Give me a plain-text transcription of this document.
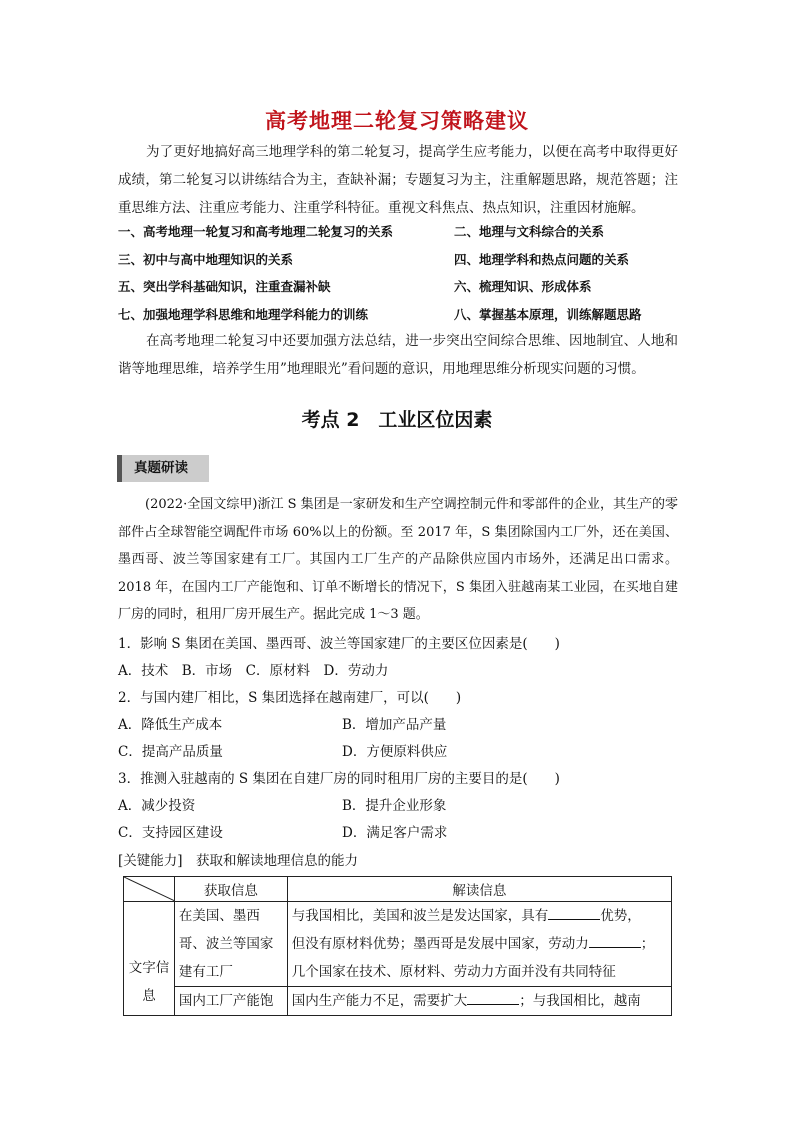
高考地理二轮复习策略建议
为了更好地搞好高三地理学科的第二轮复习，提高学生应考能力，以便在高考中取得更好成绩，第二轮复习以讲练结合为主，查缺补漏；专题复习为主，注重解题思路，规范答题；注重思维方法、注重应考能力、注重学科特征。重视文科焦点、热点知识，注重因材施解。
一、高考地理一轮复习和高考地理二轮复习的关系	二、地理与文科综合的关系
三、初中与高中地理知识的关系	四、地理学科和热点问题的关系
五、突出学科基础知识，注重查漏补缺	六、梳理知识、形成体系
七、加强地理学科思维和地理学科能力的训练	八、掌握基本原理，训练解题思路
在高考地理二轮复习中还要加强方法总结，进一步突出空间综合思维、因地制宜、人地和谐等地理思维，培养学生用”地理眼光”看问题的意识，用地理思维分析现实问题的习惯。
考点 2　工业区位因素
真题研读
(2022·全国文综甲)浙江 S 集团是一家研发和生产空调控制元件和零部件的企业，其生产的零部件占全球智能空调配件市场 60%以上的份额。至 2017 年，S 集团除国内工厂外，还在美国、墨西哥、波兰等国家建有工厂。其国内工厂生产的产品除供应国内市场外，还满足出口需求。2018 年，在国内工厂产能饱和、订单不断增长的情况下，S 集团入驻越南某工业园，在买地自建厂房的同时，租用厂房开展生产。据此完成 1～3 题。
1．影响 S 集团在美国、墨西哥、波兰等国家建厂的主要区位因素是(　　)
A．技术　B．市场　C．原材料　D．劳动力
2．与国内建厂相比，S 集团选择在越南建厂，可以(　　)
A．降低生产成本	B．增加产品产量
C．提高产品质量	D．方便原料供应
3．推测入驻越南的 S 集团在自建厂房的同时租用厂房的主要目的是(　　)
A．减少投资	B．提升企业形象
C．支持园区建设	D．满足客户需求
[关键能力]　获取和解读地理信息的能力
	获取信息	解读信息
文字信息	在美国、墨西哥、波兰等国家建有工厂	与我国相比，美国和波兰是发达国家，具有 优势，
但没有原材料优势；墨西哥是发展中国家，劳动力 ；
几个国家在技术、原材料、劳动力方面并没有共同特征
	国内工厂产能饱	国内生产能力不足，需要扩大 ；与我国相比，越南
